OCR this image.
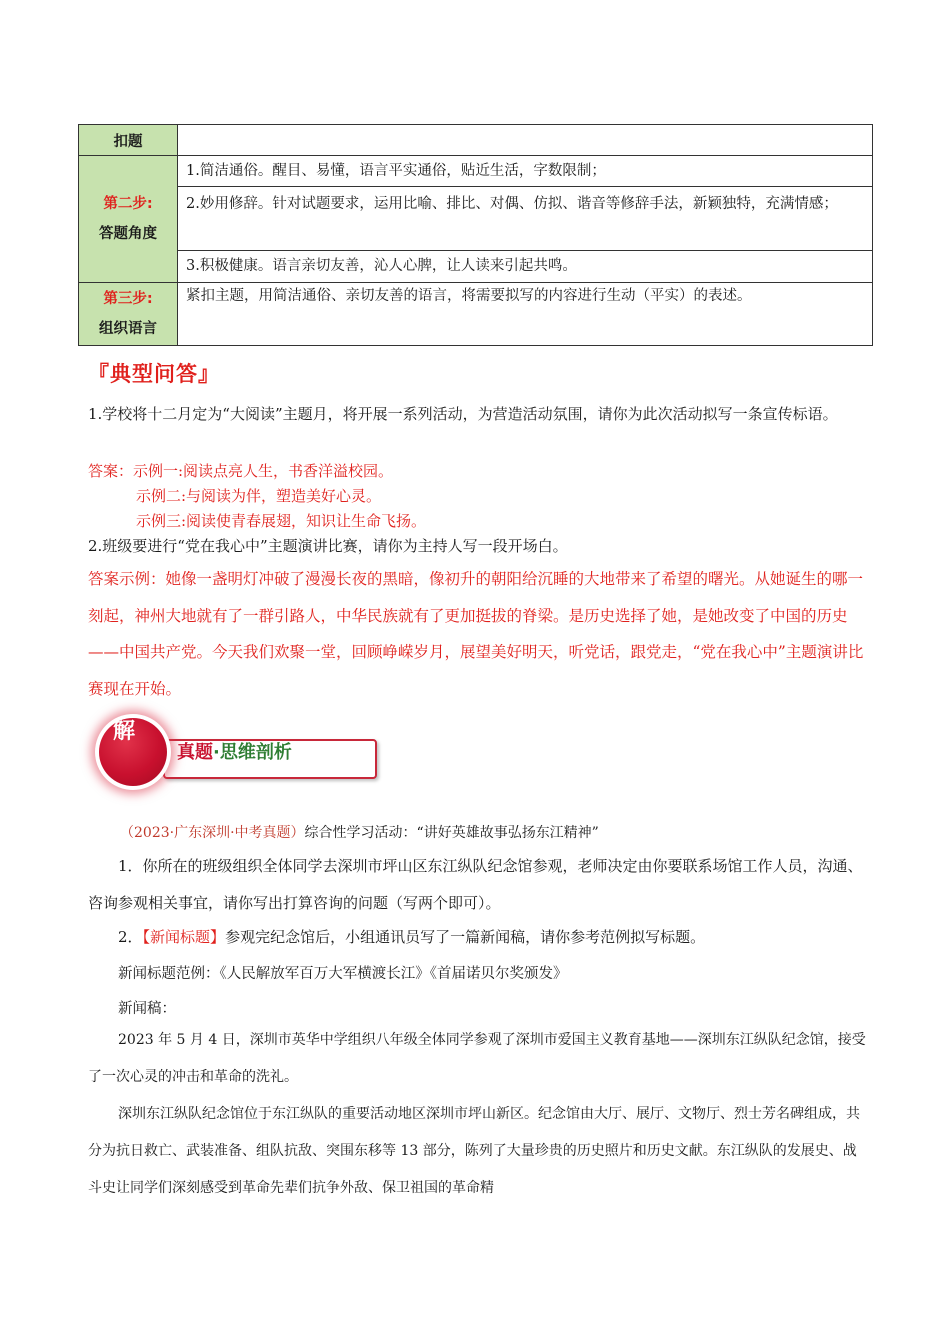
扣题	

第二步:
答题角度	1.简洁通俗。醒目、易懂，语言平实通俗，贴近生活，字数限制；
	2.妙用修辞。针对试题要求，运用比喻、排比、对偶、仿拟、谐音等修辞手法，新颖独特，充满情感；
	3.积极健康。语言亲切友善，沁人心脾，让人读来引起共鸣。

第三步:
组织语言	紧扣主题，用简洁通俗、亲切友善的语言，将需要拟写的内容进行生动（平实）的表述。
『典型问答』
1.学校将十二月定为“大阅读”主题月，将开展一系列活动，为营造活动氛围，请你为此次活动拟写一条宣传标语。
答案：示例一:阅读点亮人生，书香洋溢校园。
示例二:与阅读为伴，塑造美好心灵。
示例三:阅读使青春展翅，知识让生命飞扬。
2.班级要进行“党在我心中”主题演讲比赛，请你为主持人写一段开场白。
答案示例：她像一盏明灯冲破了漫漫长夜的黑暗，像初升的朝阳给沉睡的大地带来了希望的曙光。从她诞生的哪一刻起，神州大地就有了一群引路人，中华民族就有了更加挺拔的脊梁。是历史选择了她，是她改变了中国的历史——中国共产党。今天我们欢聚一堂，回顾峥嵘岁月，展望美好明天，听党话，跟党走，“党在我心中”主题演讲比赛现在开始。
解
真题·思维剖析
（2023·广东深圳·中考真题）综合性学习活动：“讲好英雄故事弘扬东江精神”
1．你所在的班级组织全体同学去深圳市坪山区东江纵队纪念馆参观，老师决定由你要联系场馆工作人员，沟通、咨询参观相关事宜，请你写出打算咨询的问题（写两个即可）。
2．【新闻标题】参观完纪念馆后，小组通讯员写了一篇新闻稿，请你参考范例拟写标题。
新闻标题范例：《人民解放军百万大军横渡长江》《首届诺贝尔奖颁发》
新闻稿：
2023 年 5 月 4 日，深圳市英华中学组织八年级全体同学参观了深圳市爱国主义教育基地——深圳东江纵队纪念馆，接受了一次心灵的冲击和革命的洗礼。
深圳东江纵队纪念馆位于东江纵队的重要活动地区深圳市坪山新区。纪念馆由大厅、展厅、文物厅、烈士芳名碑组成，共分为抗日救亡、武装准备、组队抗敌、突围东移等 13 部分，陈列了大量珍贵的历史照片和历史文献。东江纵队的发展史、战斗史让同学们深刻感受到革命先辈们抗争外敌、保卫祖国的革命精
